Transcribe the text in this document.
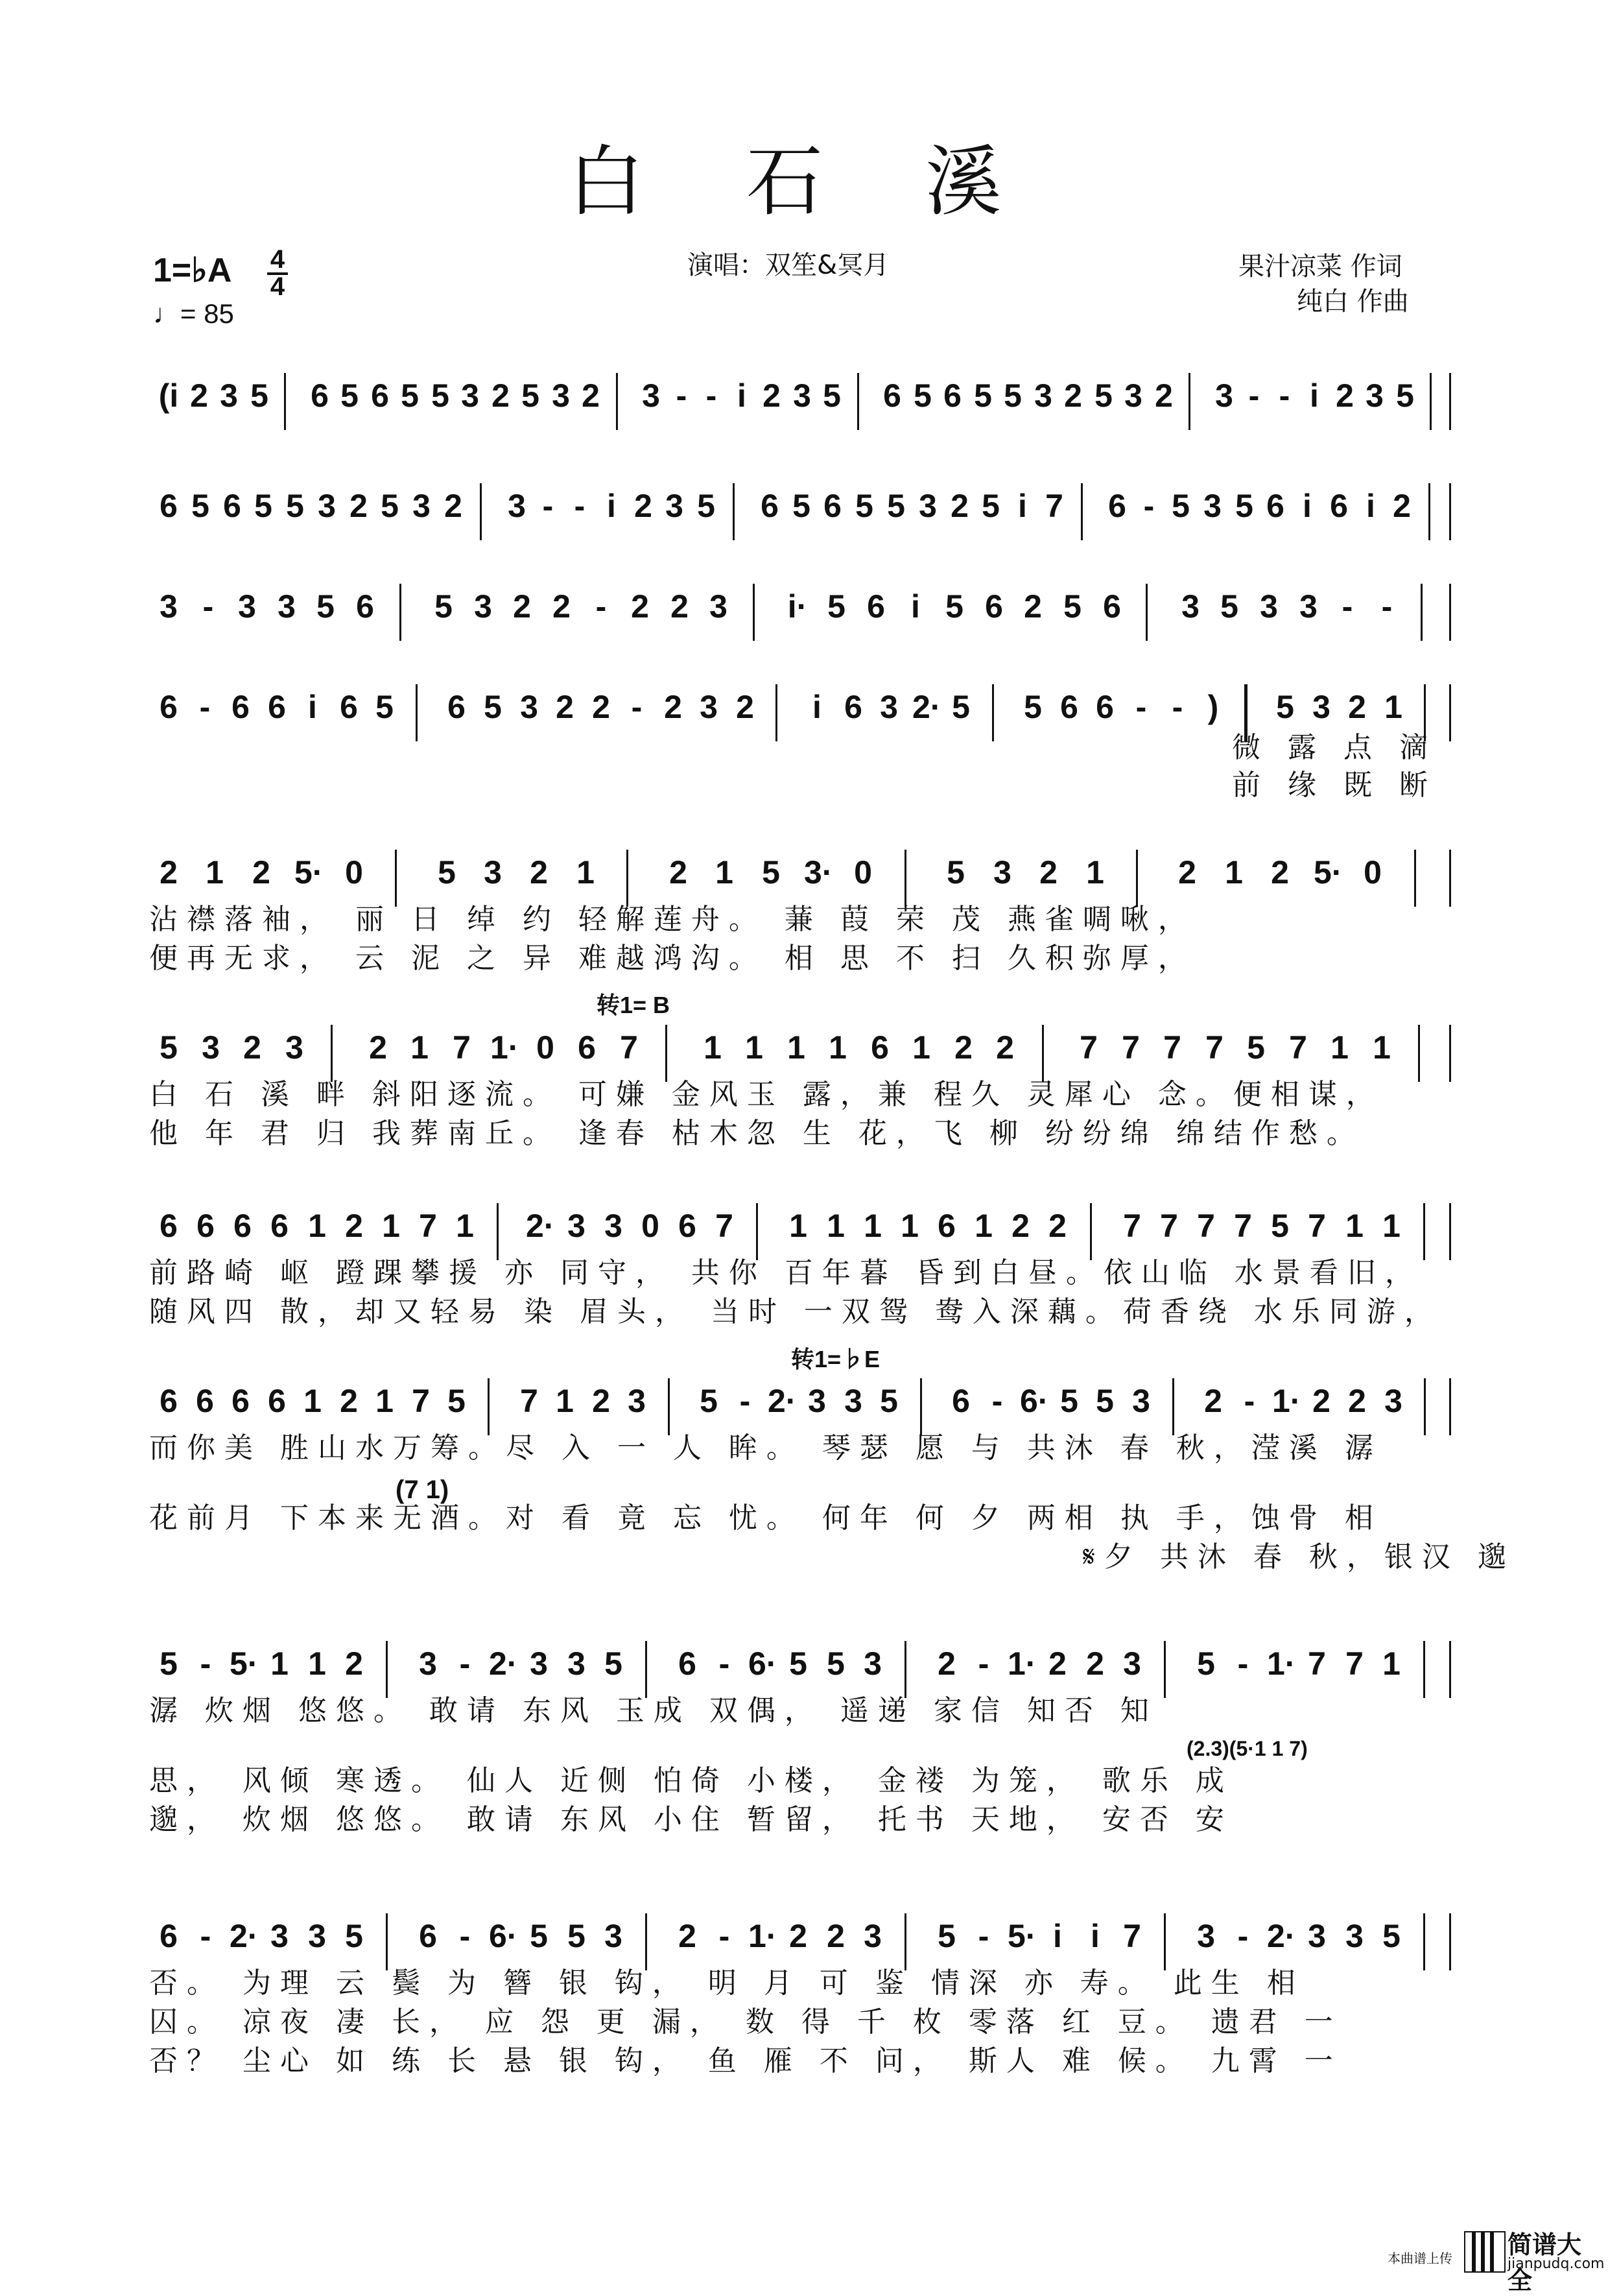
白 石 溪
1=♭A 4
4
♩= 85
演唱：双笙&冥月	果汁凉菜 作词
纯白 作曲
(i 2 3 5 6 5 6 5 5 3 2 5 3 2 3 - - i 2 3 5 6 5 6 5 5 3 2 5 3 2 3 - - i 2 3 5
6 5 6 5 5 3 2 5 3 2 3 - - i 2 3 5 6 5 6 5 5 3 2 5 i 7 6 - 5 3 5 6 i 6 i 2
3 - 3 3 5 6 5 3 2 2 - 2 2 3 i· 5 6 i 5 6 2 5 6 3 5 3 3 - -
6 - 6 6 i 6 5 6 5 3 2 2 - 2 3 2 i 6 3 2· 5 5 6 6 - - ) 5 3 2 1
微 露 点 滴
前 缘 既 断
2 1 2 5· 0 5 3 2 1 2 1 5 3· 0 5 3 2 1 2 1 2 5· 0
沾襟落袖， 丽 日 绰 约 轻解莲舟。 蒹 葭 荣 茂 燕雀啁啾，
便再无求， 云 泥 之 异 难越鸿沟。 相 思 不 扫 久积弥厚，
5 3 2 3 2 1 7 1· 0 6 7 1 1 1 1 6 1 2 2 7 7 7 7 5 7 1 1
白 石 溪 畔 斜阳逐流。 可嫌 金风玉 露，兼 程久 灵犀心 念。便相谋，
他 年 君 归 我葬南丘。 逢春 枯木忽 生 花，飞 柳 纷纷绵 绵结作愁。
6 6 6 6 1 2 1 7 1 2· 3 3 0 6 7 1 1 1 1 6 1 2 2 7 7 7 7 5 7 1 1
前路崎 岖 蹬踝攀援 亦 同守， 共你 百年暮 昏到白昼。依山临 水景看旧，
随风四 散，却又轻易 染 眉头， 当时 一双鸳 鸯入深藕。荷香绕 水乐同游，
6 6 6 6 1 2 1 7 5 7 1 2 3 5 - 2· 3 3 5 6 - 6· 5 5 3 2 - 1· 2 2 3
而你美 胜山水万筹。尽 入 一 人 眸。 琴瑟 愿 与 共沐 春 秋，滢溪 潺
花前月 下本来无酒。对 看 竟 忘 忧。 何年 何 夕 两相 执 手，蚀骨 相
𝄋夕 共沐 春 秋，银汉 邈
5 - 5· 1 1 2 3 - 2· 3 3 5 6 - 6· 5 5 3 2 - 1· 2 2 3 5 - 1· 7 7 1
潺 炊烟 悠悠。 敢请 东风 玉成 双偶， 遥递 家信 知否 知
思， 风倾 寒透。 仙人 近侧 怕倚 小楼， 金褛 为笼， 歌乐 成
邈， 炊烟 悠悠。 敢请 东风 小住 暂留， 托书 天地， 安否 安
6 - 2· 3 3 5 6 - 6· 5 5 3 2 - 1· 2 2 3 5 - 5· i i 7 3 - 2· 3 3 5
否。 为理 云 鬓 为 簪 银 钩， 明 月 可 鉴 情深 亦 寿。 此生 相
囚。 凉夜 凄 长， 应 怨 更 漏， 数 得 千 枚 零落 红 豆。 遗君 一
否？ 尘心 如 练 长 悬 银 钩， 鱼 雁 不 问， 斯人 难 候。 九霄 一
转1= B
转1=♭E
(7 1)
(2.3)(5·1 1 7)
本曲谱上传 简谱大全
jianpudq.com
